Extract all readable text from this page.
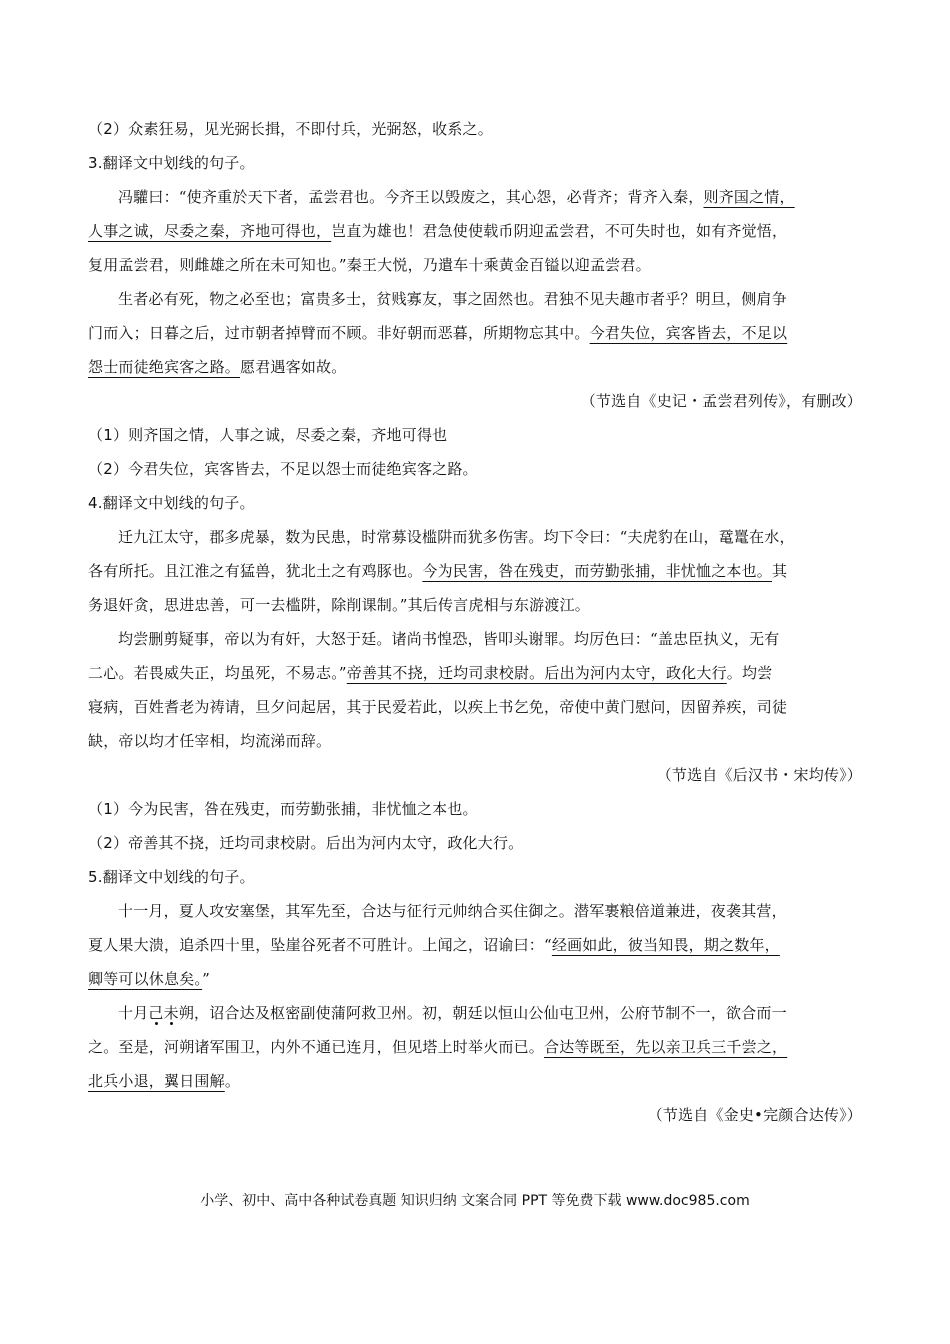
（2）众素狂易，见光弼长揖，不即付兵，光弼怒，收系之。
3.翻译文中划线的句子。
冯驩曰：“使齐重於天下者，孟尝君也。今齐王以毁废之，其心怨，必背齐；背齐入秦，则齐国之情，
人事之诚，尽委之秦，齐地可得也，岂直为雄也！君急使使载币阴迎孟尝君，不可失时也，如有齐觉悟，
复用孟尝君，则雌雄之所在未可知也。”秦王大悦，乃遣车十乘黄金百镒以迎孟尝君。
生者必有死，物之必至也；富贵多士，贫贱寡友，事之固然也。君独不见夫趣市者乎？明旦，侧肩争
门而入；日暮之后，过市朝者掉臂而不顾。非好朝而恶暮，所期物忘其中。今君失位，宾客皆去，不足以
怨士而徒绝宾客之路。愿君遇客如故。
（节选自《史记・孟尝君列传》，有删改）
（1）则齐国之情，人事之诚，尽委之秦，齐地可得也
（2）今君失位，宾客皆去，不足以怨士而徒绝宾客之路。
4.翻译文中划线的句子。
迁九江太守，郡多虎暴，数为民患，时常募设槛阱而犹多伤害。均下令曰：“夫虎豹在山，鼋鼍在水，
各有所托。且江淮之有猛兽，犹北土之有鸡豚也。今为民害，咎在残吏，而劳勤张捕，非忧恤之本也。其
务退奸贪，思进忠善，可一去槛阱，除削课制。”其后传言虎相与东游渡江。
均尝删剪疑事，帝以为有奸，大怒于廷。诸尚书惶恐，皆叩头谢罪。均厉色曰：“盖忠臣执义，无有
二心。若畏威失正，均虽死，不易志。”帝善其不挠，迁均司隶校尉。后出为河内太守，政化大行。均尝
寝病，百姓耆老为祷请，旦夕问起居，其于民爱若此，以疾上书乞免，帝使中黄门慰问，因留养疾，司徒
缺，帝以均才任宰相，均流涕而辞。
（节选自《后汉书・宋均传》）
（1）今为民害，咎在残吏，而劳勤张捕，非忧恤之本也。
（2）帝善其不挠，迁均司隶校尉。后出为河内太守，政化大行。
5.翻译文中划线的句子。
十一月，夏人攻安塞堡，其军先至，合达与征行元帅纳合买住御之。潜军裹粮倍道兼进，夜袭其营，
夏人果大溃，追杀四十里，坠崖谷死者不可胜计。上闻之，诏谕曰：“经画如此，彼当知畏，期之数年，
卿等可以休息矣。”
十月己未朔，诏合达及枢密副使蒲阿救卫州。初，朝廷以恒山公仙屯卫州，公府节制不一，欲合而一
之。至是，河朔诸军围卫，内外不通已连月，但见塔上时举火而已。合达等既至，先以亲卫兵三千尝之，
北兵小退，翼日围解。
（节选自《金史•完颜合达传》）
小学、初中、高中各种试卷真题 知识归纳 文案合同 PPT 等免费下载 www.doc985.com
